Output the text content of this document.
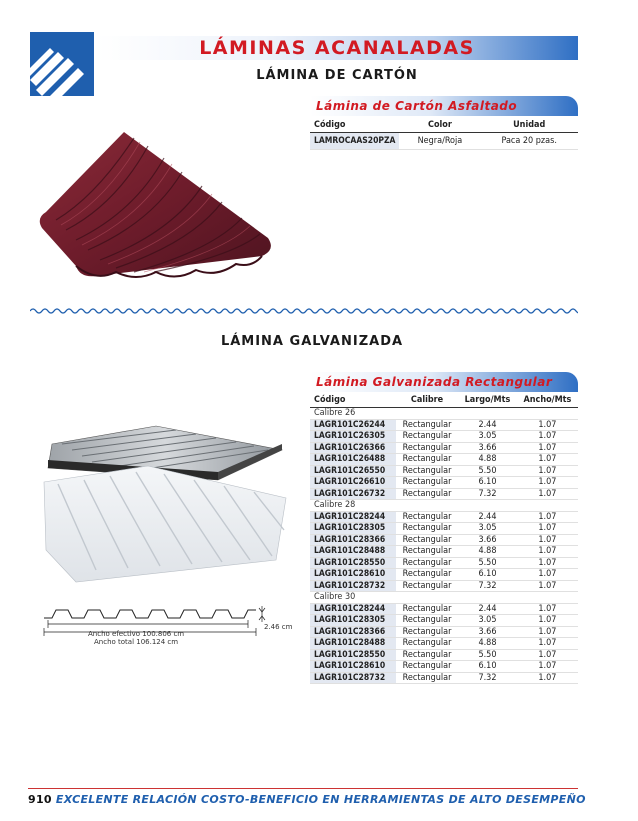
LÁMINAS ACANALADAS
LÁMINA DE CARTÓN
Lámina de Cartón Asfaltado
Código	Color	Unidad
LAMROCAAS20PZA	Negra/Roja	Paca 20 pzas.
LÁMINA GALVANIZADA
2.46 cm
Ancho efectivo 100.806 cm
Ancho total 106.124 cm
Lámina Galvanizada Rectangular
Código	Calibre	Largo/Mts	Ancho/Mts
Calibre 26			
LAGR101C26244	Rectangular	2.44	1.07
LAGR101C26305	Rectangular	3.05	1.07
LAGR101C26366	Rectangular	3.66	1.07
LAGR101C26488	Rectangular	4.88	1.07
LAGR101C26550	Rectangular	5.50	1.07
LAGR101C26610	Rectangular	6.10	1.07
LAGR101C26732	Rectangular	7.32	1.07
Calibre 28			
LAGR101C28244	Rectangular	2.44	1.07
LAGR101C28305	Rectangular	3.05	1.07
LAGR101C28366	Rectangular	3.66	1.07
LAGR101C28488	Rectangular	4.88	1.07
LAGR101C28550	Rectangular	5.50	1.07
LAGR101C28610	Rectangular	6.10	1.07
LAGR101C28732	Rectangular	7.32	1.07
Calibre 30			
LAGR101C28244	Rectangular	2.44	1.07
LAGR101C28305	Rectangular	3.05	1.07
LAGR101C28366	Rectangular	3.66	1.07
LAGR101C28488	Rectangular	4.88	1.07
LAGR101C28550	Rectangular	5.50	1.07
LAGR101C28610	Rectangular	6.10	1.07
LAGR101C28732	Rectangular	7.32	1.07
910 EXCELENTE RELACIÓN COSTO-BENEFICIO EN HERRAMIENTAS DE ALTO DESEMPEÑO
